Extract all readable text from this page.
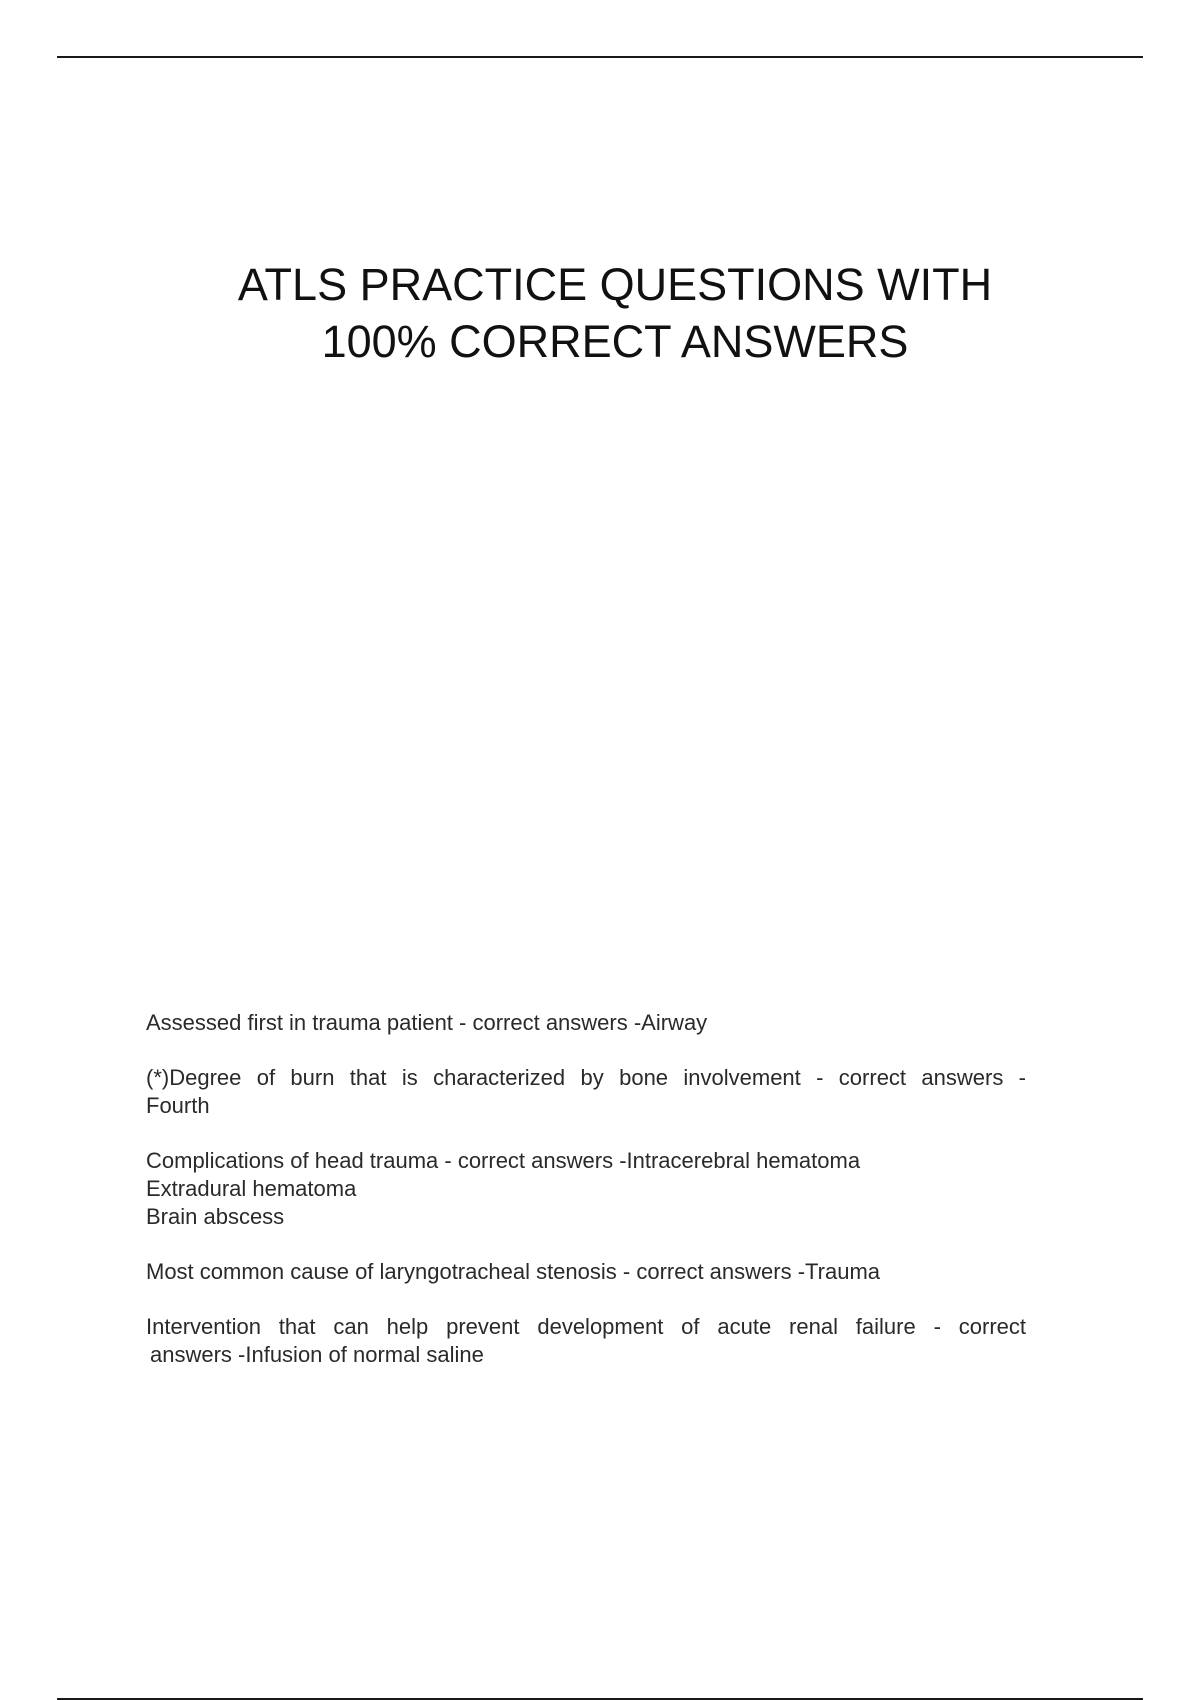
ATLS PRACTICE QUESTIONS WITH
100% CORRECT ANSWERS
Assessed first in trauma patient - correct answers -Airway
(*)Degree of burn that is characterized by bone involvement - correct answers -
Fourth
Complications of head trauma - correct answers -Intracerebral hematoma
Extradural hematoma
Brain abscess
Most common cause of laryngotracheal stenosis - correct answers -Trauma
Intervention that can help prevent development of acute renal failure - correct
answers -Infusion of normal saline
